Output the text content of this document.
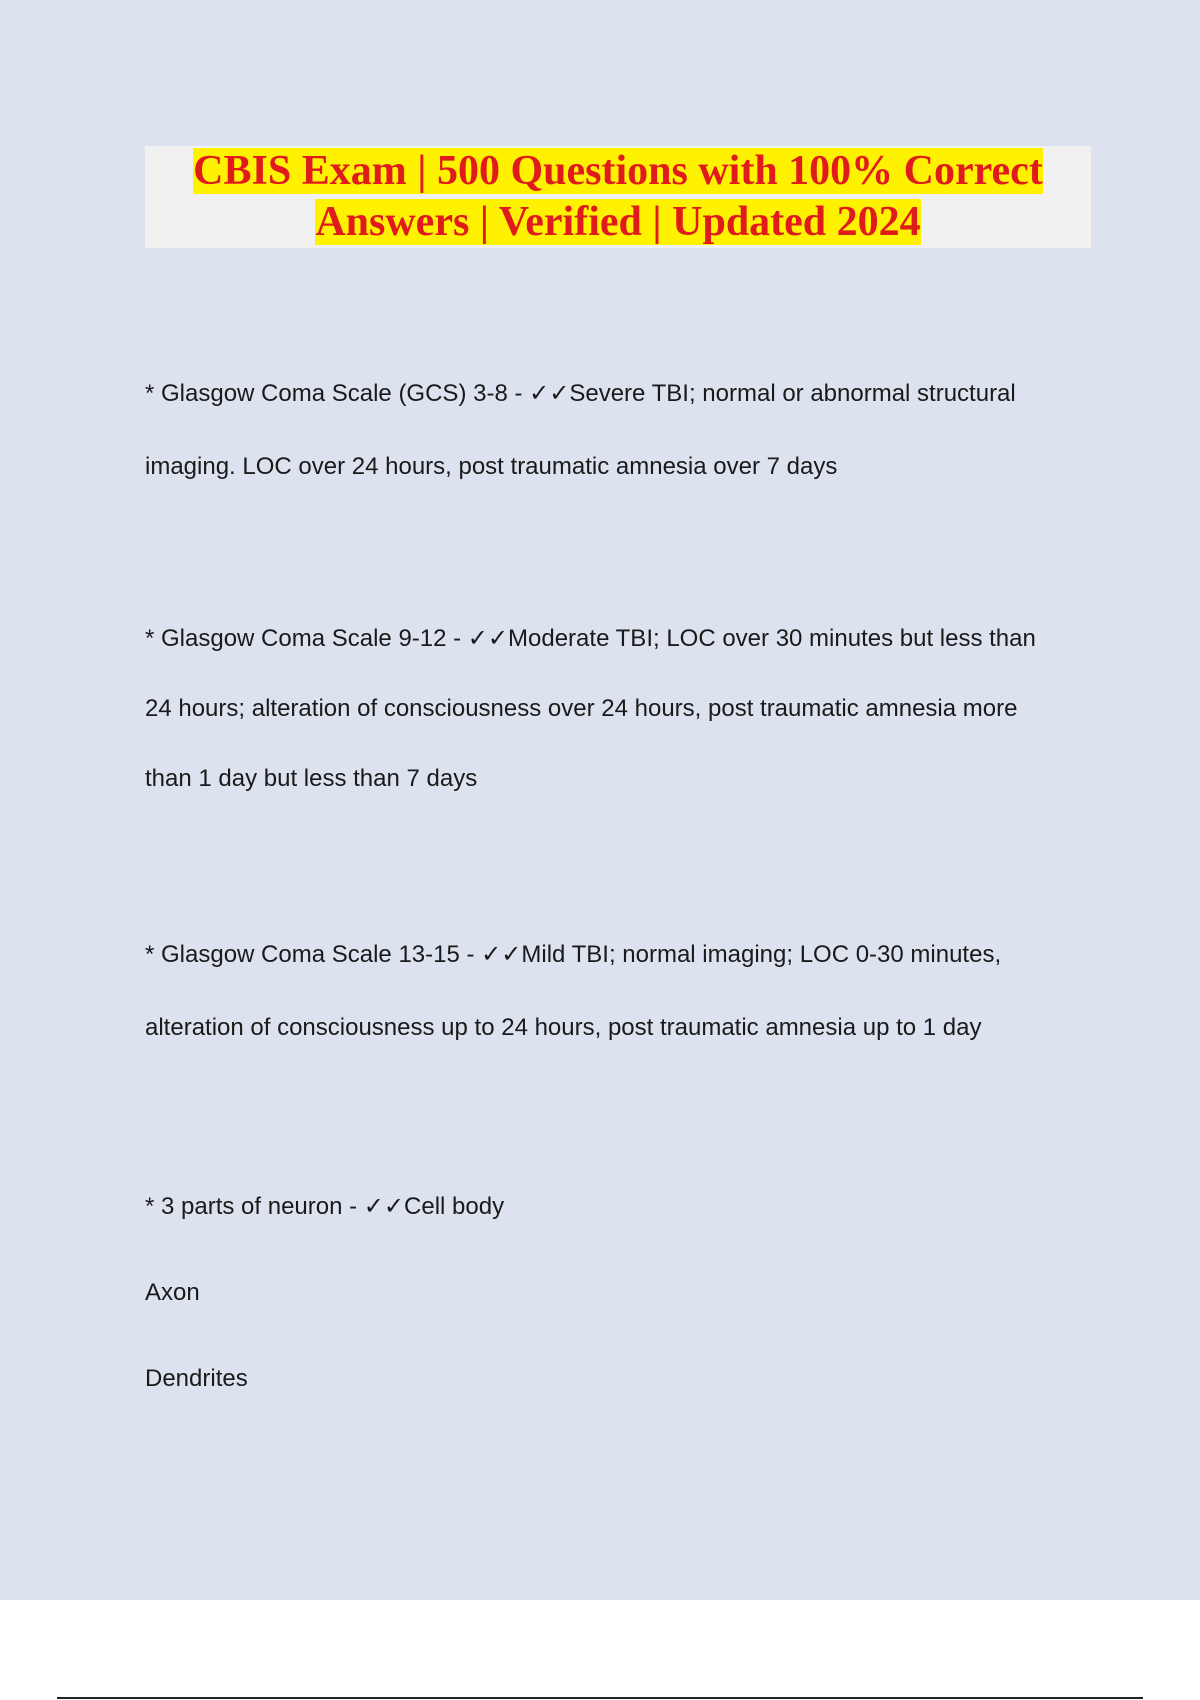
CBIS Exam | 500 Questions with 100% Correct
Answers | Verified | Updated 2024

* Glasgow Coma Scale (GCS) 3-8 - ✓✓Severe TBI; normal or abnormal structural

imaging. LOC over 24 hours, post traumatic amnesia over 7 days

* Glasgow Coma Scale 9-12 - ✓✓Moderate TBI; LOC over 30 minutes but less than

24 hours; alteration of consciousness over 24 hours, post traumatic amnesia more

than 1 day but less than 7 days

* Glasgow Coma Scale 13-15 - ✓✓Mild TBI; normal imaging; LOC 0-30 minutes,

alteration of consciousness up to 24 hours, post traumatic amnesia up to 1 day

* 3 parts of neuron - ✓✓Cell body

Axon

Dendrites
